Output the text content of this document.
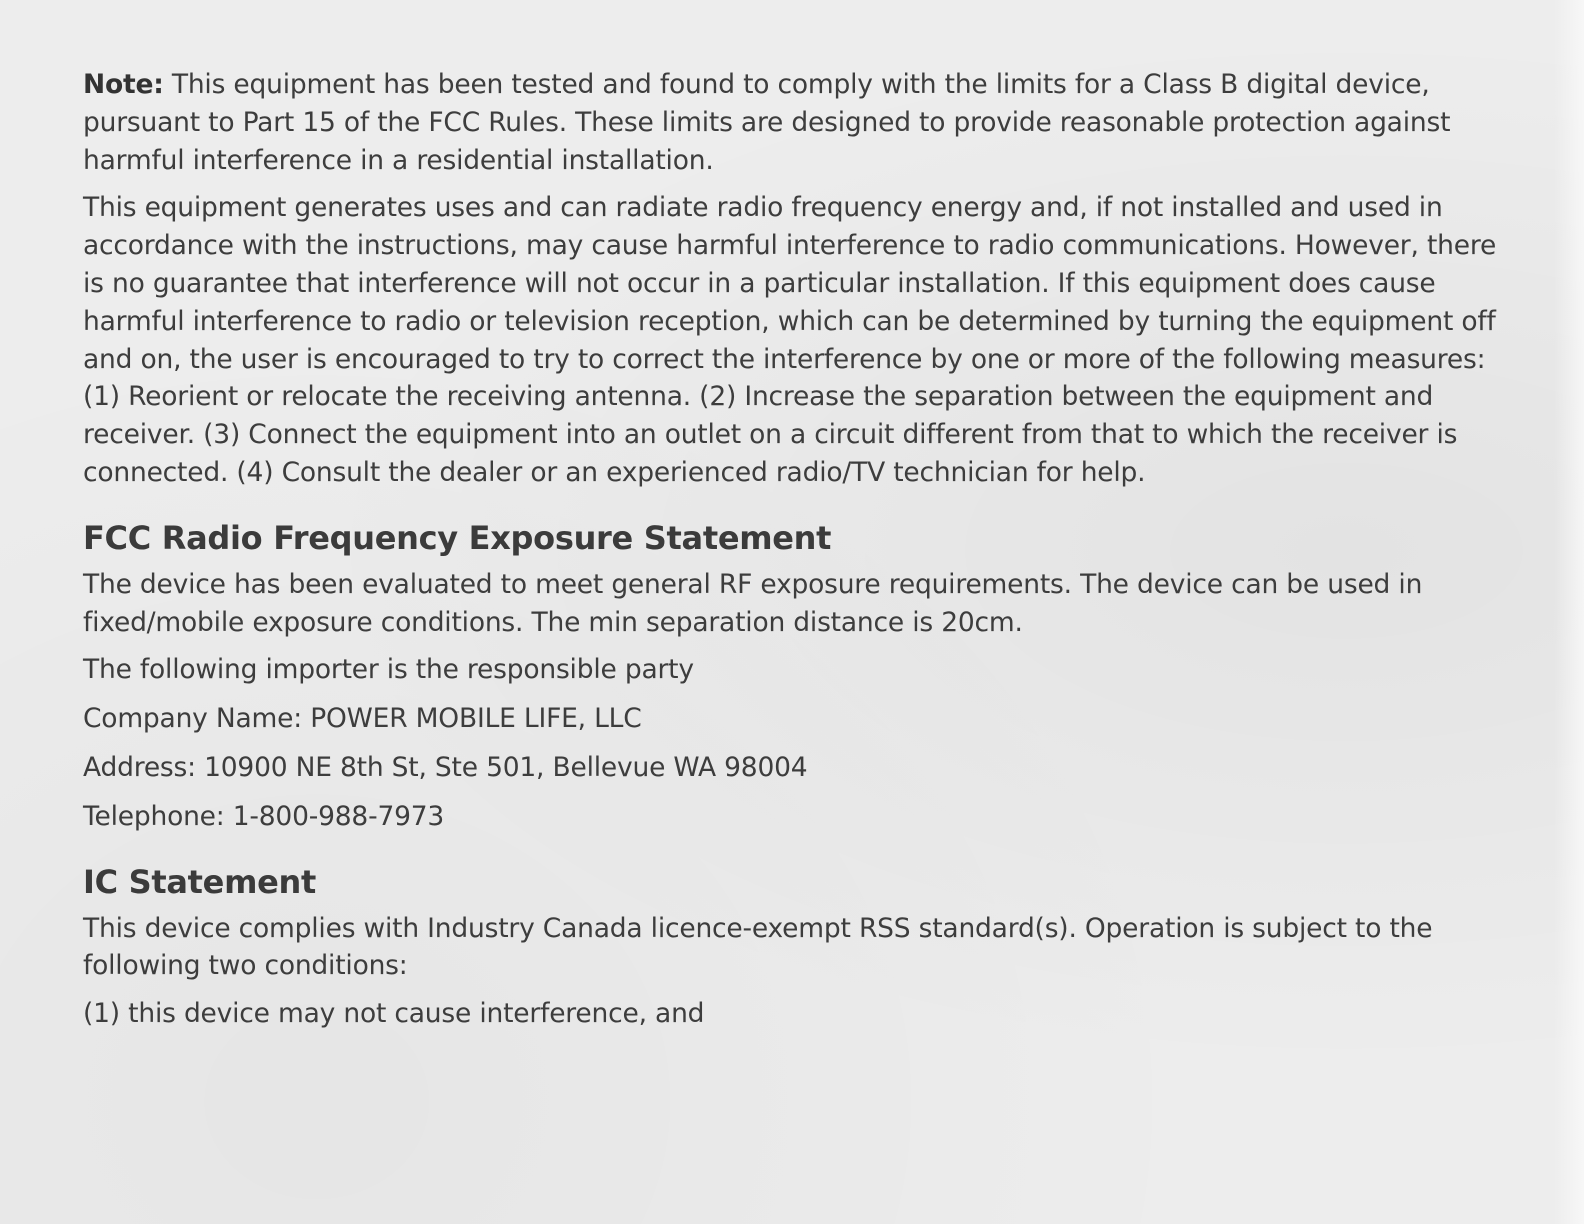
Note: This equipment has been tested and found to comply with the limits for a Class B digital device, pursuant to Part 15 of the FCC Rules. These limits are designed to provide reasonable protection against harmful interference in a residential installation.

This equipment generates uses and can radiate radio frequency energy and, if not installed and used in accordance with the instructions, may cause harmful interference to radio communications. However, there is no guarantee that interference will not occur in a particular installation. If this equipment does cause harmful interference to radio or television reception, which can be determined by turning the equipment off and on, the user is encouraged to try to correct the interference by one or more of the following measures: (1) Reorient or relocate the receiving antenna. (2) Increase the separation between the equipment and receiver. (3) Connect the equipment into an outlet on a circuit different from that to which the receiver is connected. (4) Consult the dealer or an experienced radio/TV technician for help.

FCC Radio Frequency Exposure Statement

The device has been evaluated to meet general RF exposure requirements. The device can be used in fixed/mobile exposure conditions. The min separation distance is 20cm.

The following importer is the responsible party

Company Name: POWER MOBILE LIFE, LLC

Address: 10900 NE 8th St, Ste 501, Bellevue WA 98004

Telephone: 1-800-988-7973

IC Statement

This device complies with Industry Canada licence-exempt RSS standard(s). Operation is subject to the following two conditions:

(1) this device may not cause interference, and
